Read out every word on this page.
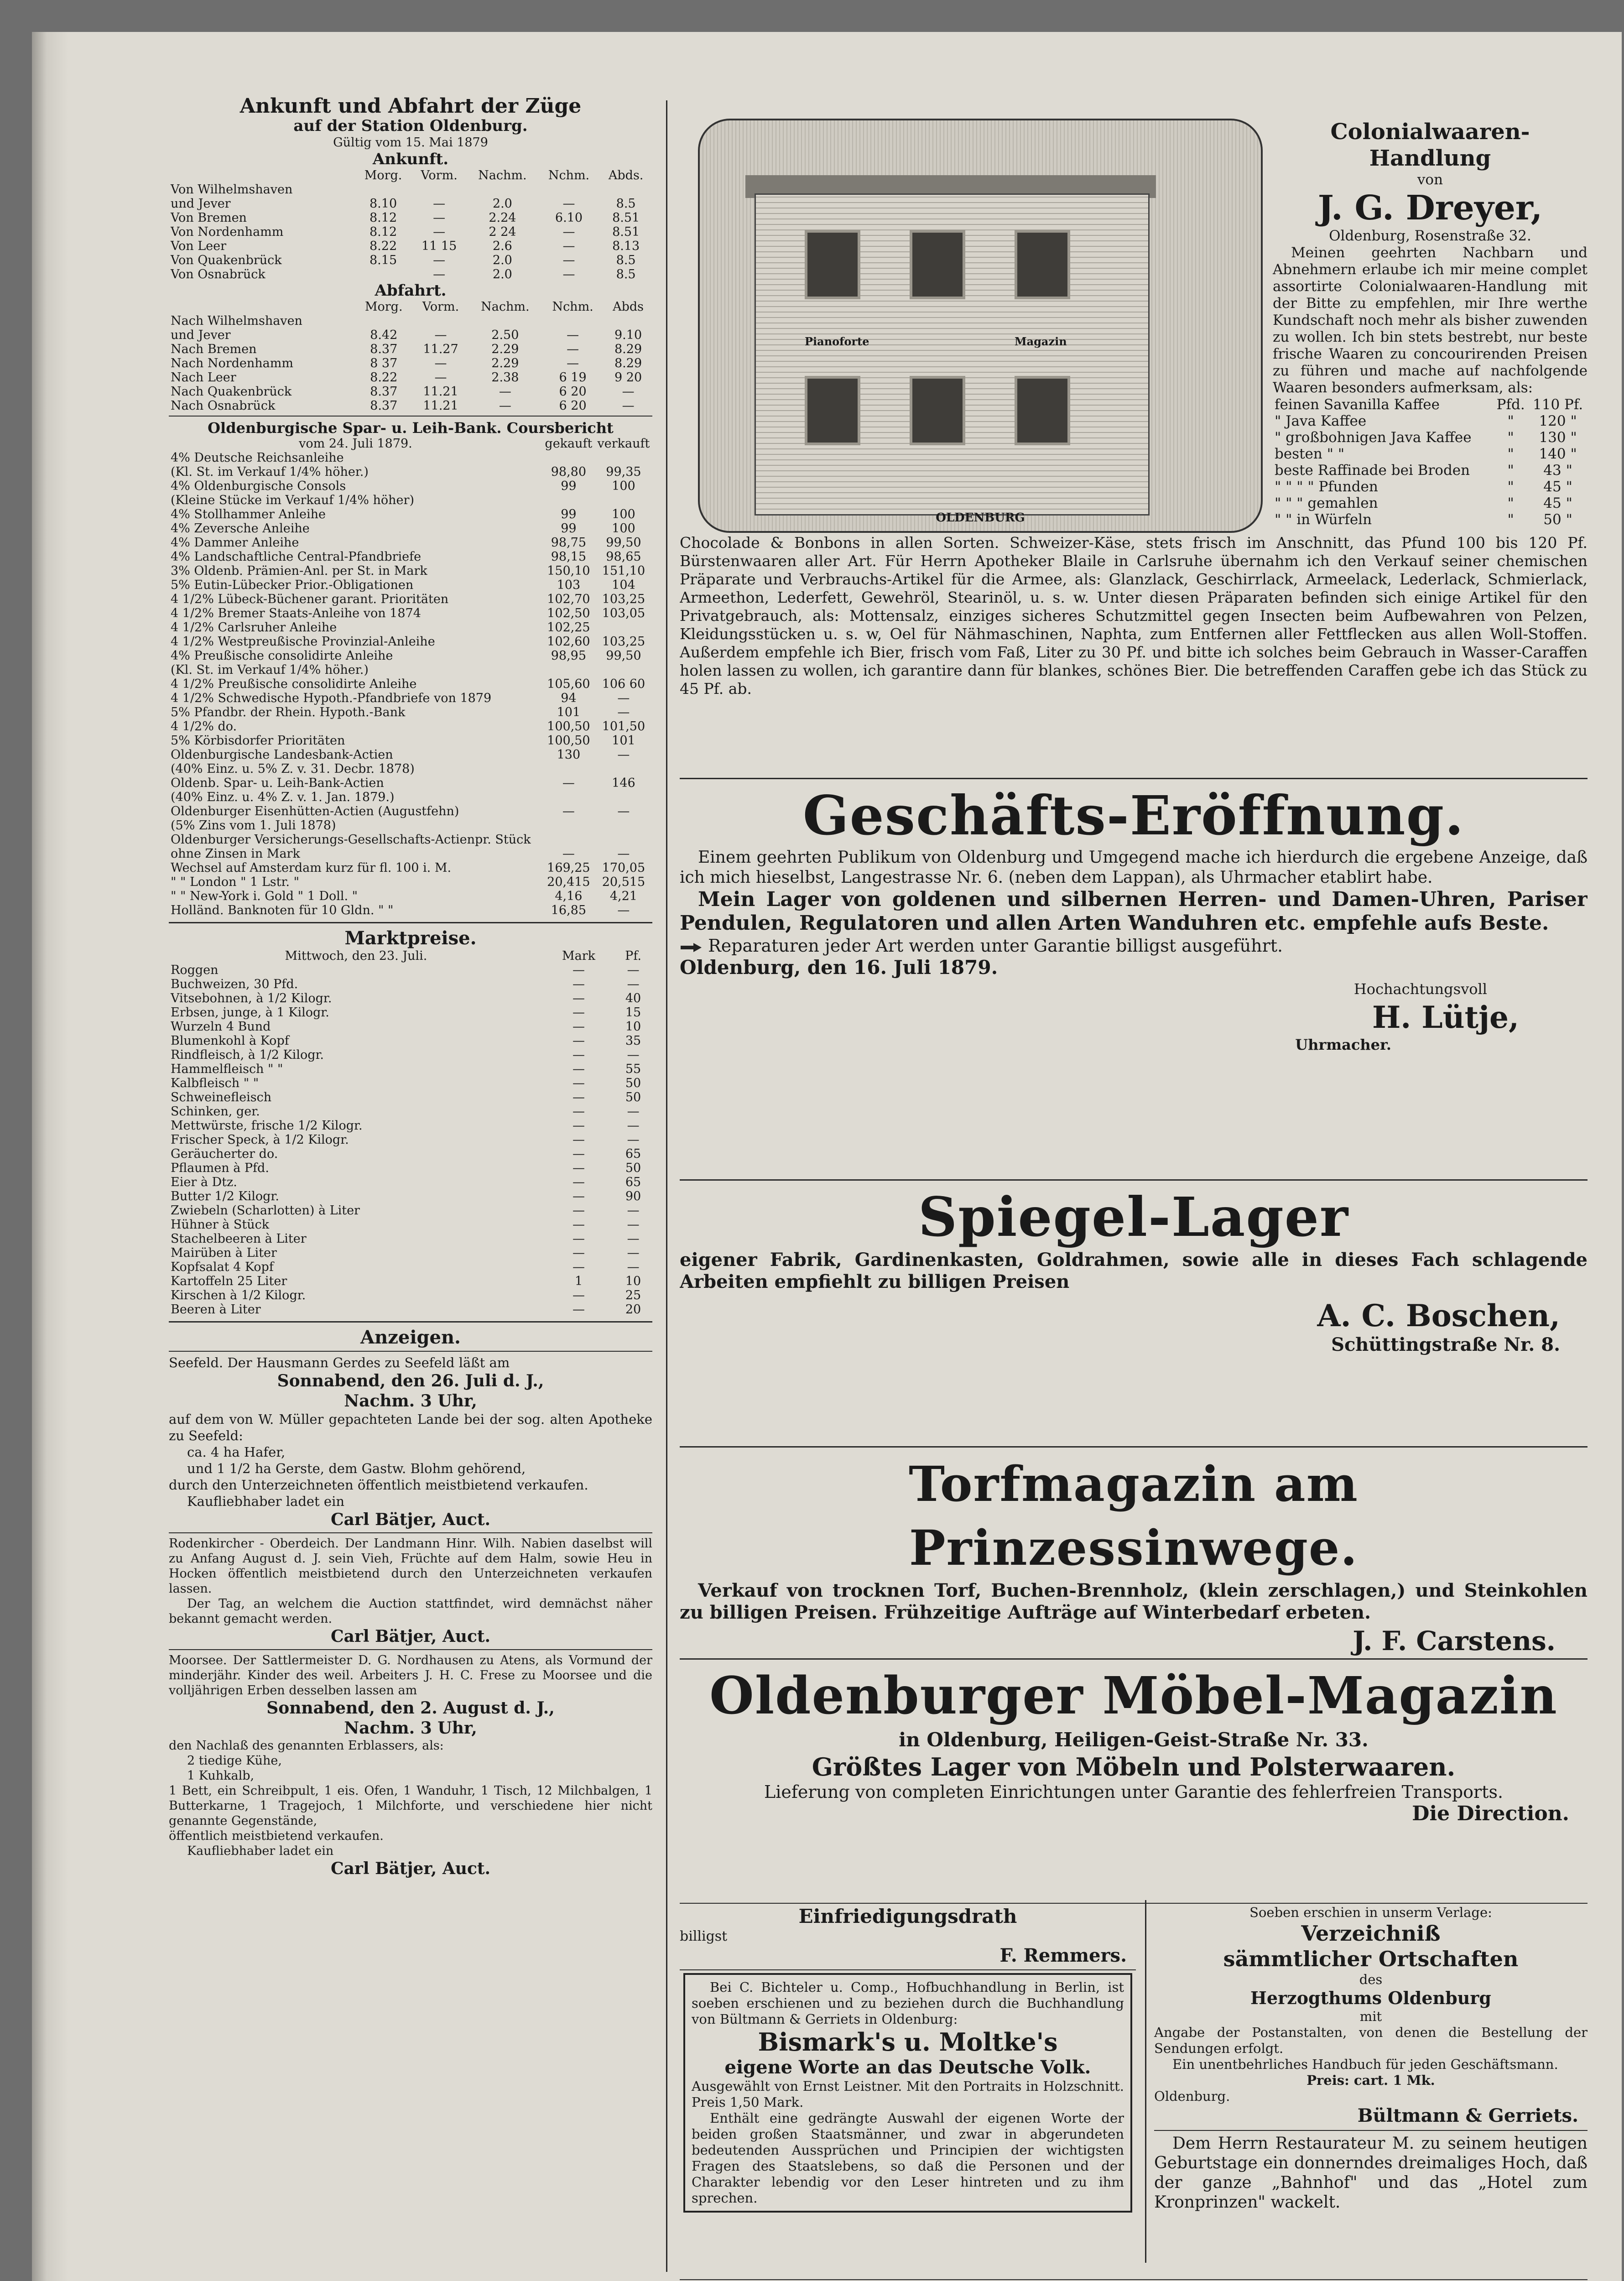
Ankunft und Abfahrt der Züge
auf der Station Oldenburg.
Gültig vom 15. Mai 1879
Ankunft.
	Morg.	Vorm.	Nachm.	Nchm.	Abds.
Von Wilhelmshaven					
und Jever	8.10	—	2.0	—	8.5
Von Bremen	8.12	—	2.24	6.10	8.51
Von Nordenhamm	8.12	—	2 24	—	8.51
Von Leer	8.22	11 15	2.6	—	8.13
Von Quakenbrück	8.15	—	2.0	—	8.5
Von Osnabrück		—	2.0	—	8.5
Abfahrt.
	Morg.	Vorm.	Nachm.	Nchm.	Abds
Nach Wilhelmshaven					
und Jever	8.42	—	2.50	—	9.10
Nach Bremen	8.37	11.27	2.29	—	8.29
Nach Nordenhamm	8 37	—	2.29	—	8.29
Nach Leer	8.22	—	2.38	6 19	9 20
Nach Quakenbrück	8.37	11.21	—	6 20	—
Nach Osnabrück	8.37	11.21	—	6 20	—
Oldenburgische Spar- u. Leih-Bank. Coursbericht
vom 24. Juli 1879.	gekauft	verkauft
4% Deutsche Reichsanleihe		
(Kl. St. im Verkauf 1/4% höher.)	98,80	99,35
4% Oldenburgische Consols	99	100
(Kleine Stücke im Verkauf 1/4% höher)		
4% Stollhammer Anleihe	99	100
4% Zeversche Anleihe	99	100
4% Dammer Anleihe	98,75	99,50
4% Landschaftliche Central-Pfandbriefe	98,15	98,65
3% Oldenb. Prämien-Anl. per St. in Mark	150,10	151,10
5% Eutin-Lübecker Prior.-Obligationen	103	104
4 1/2% Lübeck-Büchener garant. Prioritäten	102,70	103,25
4 1/2% Bremer Staats-Anleihe von 1874	102,50	103,05
4 1/2% Carlsruher Anleihe	102,25	
4 1/2% Westpreußische Provinzial-Anleihe	102,60	103,25
4% Preußische consolidirte Anleihe	98,95	99,50
(Kl. St. im Verkauf 1/4% höher.)		
4 1/2% Preußische consolidirte Anleihe	105,60	106 60
4 1/2% Schwedische Hypoth.-Pfandbriefe von 1879	94	—
5% Pfandbr. der Rhein. Hypoth.-Bank	101	—
4 1/2% do.	100,50	101,50
5% Körbisdorfer Prioritäten	100,50	101
Oldenburgische Landesbank-Actien	130	—
(40% Einz. u. 5% Z. v. 31. Decbr. 1878)		
Oldenb. Spar- u. Leih-Bank-Actien	—	146
(40% Einz. u. 4% Z. v. 1. Jan. 1879.)		
Oldenburger Eisenhütten-Actien (Augustfehn)	—	—
(5% Zins vom 1. Juli 1878)		
Oldenburger Versicherungs-Gesellschafts-Actienpr. Stück		
ohne Zinsen in Mark	—	—
Wechsel auf Amsterdam kurz für fl. 100 i. M.	169,25	170,05
" " London " 1 Lstr. "	20,415	20,515
" " New-York i. Gold " 1 Doll. "	4,16	4,21
Holländ. Banknoten für 10 Gldn. " "	16,85	—
Marktpreise.
Mittwoch, den 23. Juli.	Mark	Pf.
Roggen	—	—
Buchweizen, 30 Pfd.	—	—
Vitsebohnen, à 1/2 Kilogr.	—	40
Erbsen, junge, à 1 Kilogr.	—	15
Wurzeln 4 Bund	—	10
Blumenkohl à Kopf	—	35
Rindfleisch, à 1/2 Kilogr.	—	—
Hammelfleisch " "	—	55
Kalbfleisch " "	—	50
Schweinefleisch	—	50
Schinken, ger.	—	—
Mettwürste, frische 1/2 Kilogr.	—	—
Frischer Speck, à 1/2 Kilogr.	—	—
Geräucherter do.	—	65
Pflaumen à Pfd.	—	50
Eier à Dtz.	—	65
Butter 1/2 Kilogr.	—	90
Zwiebeln (Scharlotten) à Liter	—	—
Hühner à Stück	—	—
Stachelbeeren à Liter	—	—
Mairüben à Liter	—	—
Kopfsalat 4 Kopf	—	—
Kartoffeln 25 Liter	1	10
Kirschen à 1/2 Kilogr.	—	25
Beeren à Liter	—	20
Anzeigen.

Seefeld. Der Hausmann Gerdes zu Seefeld läßt am

Sonnabend, den 26. Juli d. J.,
Nachm. 3 Uhr,

auf dem von W. Müller gepachteten Lande bei der sog. alten Apotheke zu Seefeld:

ca. 4 ha Hafer,

und 1 1/2 ha Gerste, dem Gastw. Blohm gehörend,

durch den Unterzeichneten öffentlich meistbietend verkaufen.

Kaufliebhaber ladet ein

Carl Bätjer, Auct.

Rodenkircher - Oberdeich. Der Landmann Hinr. Wilh. Nabien daselbst will zu Anfang August d. J. sein Vieh, Früchte auf dem Halm, sowie Heu in Hocken öffentlich meistbietend durch den Unterzeichneten verkaufen lassen.

Der Tag, an welchem die Auction stattfindet, wird demnächst näher bekannt gemacht werden.

Carl Bätjer, Auct.

Moorsee. Der Sattlermeister D. G. Nordhausen zu Atens, als Vormund der minderjähr. Kinder des weil. Arbeiters J. H. C. Frese zu Moorsee und die volljährigen Erben desselben lassen am

Sonnabend, den 2. August d. J.,
Nachm. 3 Uhr,

den Nachlaß des genannten Erblassers, als:

2 tiedige Kühe,

1 Kuhkalb,

1 Bett, ein Schreibpult, 1 eis. Ofen, 1 Wanduhr, 1 Tisch, 12 Milchbalgen, 1 Butterkarne, 1 Tragejoch, 1 Milchforte, und verschiedene hier nicht genannte Gegenstände,

öffentlich meistbietend verkaufen.

Kaufliebhaber ladet ein

Carl Bätjer, Auct.
Pianoforte	Magazin
OLDENBURG
Colonialwaaren-Handlung
von
J. G. Dreyer,
Oldenburg, Rosenstraße 32.

Meinen geehrten Nachbarn und Abnehmern erlaube ich mir meine complet assortirte Colonialwaaren-Handlung mit der Bitte zu empfehlen, mir Ihre werthe Kundschaft noch mehr als bisher zuwenden zu wollen. Ich bin stets bestrebt, nur beste frische Waaren zu concourirenden Preisen zu führen und mache auf nachfolgende Waaren besonders aufmerksam, als:

feinen Savanilla Kaffee	Pfd.	110 Pf.
" Java Kaffee	"	120 "
" großbohnigen Java Kaffee	"	130 "
besten " "	"	140 "
beste Raffinade bei Broden	"	43 "
" " " " Pfunden	"	45 "
" " " gemahlen	"	45 "
" " in Würfeln	"	50 "

Chocolade & Bonbons in allen Sorten. Schweizer-Käse, stets frisch im Anschnitt, das Pfund 100 bis 120 Pf. Bürstenwaaren aller Art. Für Herrn Apotheker Blaile in Carlsruhe übernahm ich den Verkauf seiner chemischen Präparate und Verbrauchs-Artikel für die Armee, als: Glanzlack, Geschirrlack, Armeelack, Lederlack, Schmierlack, Armeethon, Lederfett, Gewehröl, Stearinöl, u. s. w. Unter diesen Präparaten befinden sich einige Artikel für den Privatgebrauch, als: Mottensalz, einziges sicheres Schutzmittel gegen Insecten beim Aufbewahren von Pelzen, Kleidungsstücken u. s. w, Oel für Nähmaschinen, Naphta, zum Entfernen aller Fettflecken aus allen Woll-Stoffen. Außerdem empfehle ich Bier, frisch vom Faß, Liter zu 30 Pf. und bitte ich solches beim Gebrauch in Wasser-Caraffen holen lassen zu wollen, ich garantire dann für blankes, schönes Bier. Die betreffenden Caraffen gebe ich das Stück zu 45 Pf. ab.

Geschäfts-Eröffnung.

Einem geehrten Publikum von Oldenburg und Umgegend mache ich hierdurch die ergebene Anzeige, daß ich mich hieselbst, Langestrasse Nr. 6. (neben dem Lappan), als Uhrmacher etablirt habe.

Mein Lager von goldenen und silbernen Herren- und Damen-Uhren, Pariser Pendulen, Regulatoren und allen Arten Wanduhren etc. empfehle aufs Beste.

Reparaturen jeder Art werden unter Garantie billigst ausgeführt.

Oldenburg, den 16. Juli 1879.

Hochachtungsvoll
H. Lütje,
Uhrmacher.
Spiegel-Lager

eigener Fabrik, Gardinenkasten, Goldrahmen, sowie alle in dieses Fach schlagende Arbeiten empfiehlt zu billigen Preisen

A. C. Boschen,
Schüttingstraße Nr. 8.
Torfmagazin am Prinzessinwege.

Verkauf von trocknen Torf, Buchen-Brennholz, (klein zerschlagen,) und Steinkohlen zu billigen Preisen. Frühzeitige Aufträge auf Winterbedarf erbeten.

J. F. Carstens.
Oldenburger Möbel-Magazin
in Oldenburg, Heiligen-Geist-Straße Nr. 33.
Größtes Lager von Möbeln und Polsterwaaren.

Lieferung von completen Einrichtungen unter Garantie des fehlerfreien Transports.

Die Direction.
Einfriedigungsdrath
billigst
F. Remmers.

Bei C. Bichteler u. Comp., Hofbuchhandlung in Berlin, ist soeben erschienen und zu beziehen durch die Buchhandlung von Bültmann & Gerriets in Oldenburg:

Bismark's u. Moltke's
eigene Worte an das Deutsche Volk.

Ausgewählt von Ernst Leistner. Mit den Portraits in Holzschnitt. Preis 1,50 Mark.

Enthält eine gedrängte Auswahl der eigenen Worte der beiden großen Staatsmänner, und zwar in abgerundeten bedeutenden Aussprüchen und Principien der wichtigsten Fragen des Staatslebens, so daß die Personen und der Charakter lebendig vor den Leser hintreten und zu ihm sprechen.

Soeben erschien in unserm Verlage:
Verzeichniß
sämmtlicher Ortschaften
des
Herzogthums Oldenburg
mit

Angabe der Postanstalten, von denen die Bestellung der Sendungen erfolgt.

Ein unentbehrliches Handbuch für jeden Geschäftsmann.

Preis: cart. 1 Mk.
Oldenburg.
Bültmann & Gerriets.

Dem Herrn Restaurateur M. zu seinem heutigen Geburtstage ein donnerndes dreimaliges Hoch, daß der ganze „Bahnhof" und das „Hotel zum Kronprinzen" wackelt.
